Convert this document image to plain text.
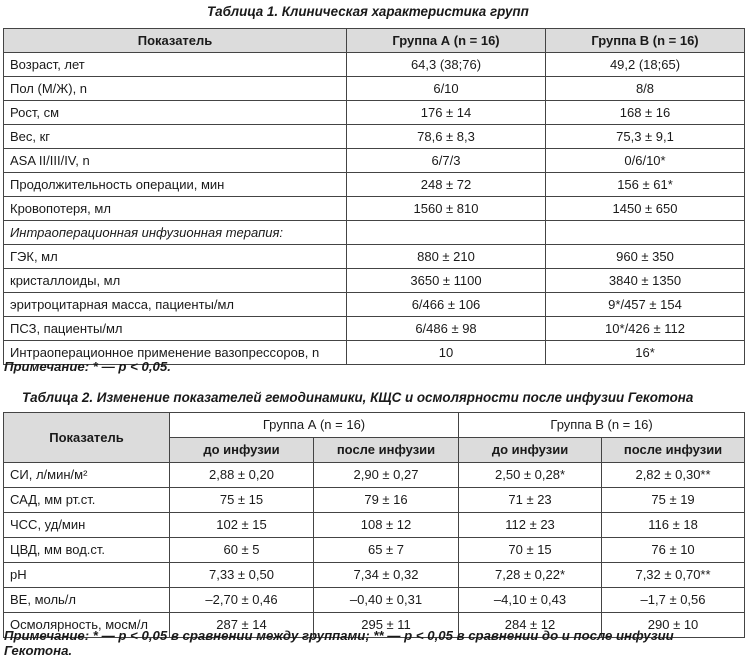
Таблица 1. Клиническая характеристика групп
Показатель	Группа А (n = 16)	Группа В (n = 16)
Возраст, лет	64,3 (38;76)	49,2 (18;65)
Пол (М/Ж), n	6/10	8/8
Рост, см	176 ± 14	168 ± 16
Вес, кг	78,6 ± 8,3	75,3 ± 9,1
ASA II/III/IV, n	6/7/3	0/6/10*
Продолжительность операции, мин	248 ± 72	156 ± 61*
Кровопотеря, мл	1560 ± 810	1450 ± 650
Интраоперационная инфузионная терапия:		
ГЭК, мл	880 ± 210	960 ± 350
кристаллоиды, мл	3650 ± 1100	3840 ± 1350
эритроцитарная масса, пациенты/мл	6/466 ± 106	9*/457 ± 154
ПСЗ, пациенты/мл	6/486 ± 98	10*/426 ± 112
Интраоперационное применение вазопрессоров, n	10	16*
Примечание: * — p < 0,05.
Таблица 2. Изменение показателей гемодинамики, КЩС и осмолярности после инфузии Гекотона
Показатель	Группа А (n = 16)		Группа В (n = 16)	
	до инфузии	после инфузии	до инфузии	после инфузии
СИ, л/мин/м²	2,88 ± 0,20	2,90 ± 0,27	2,50 ± 0,28*	2,82 ± 0,30**
САД, мм рт.ст.	75 ± 15	79 ± 16	71 ± 23	75 ± 19
ЧСС, уд/мин	102 ± 15	108 ± 12	112 ± 23	116 ± 18
ЦВД, мм вод.ст.	60 ± 5	65 ± 7	70 ± 15	76 ± 10
pH	7,33 ± 0,50	7,34 ± 0,32	7,28 ± 0,22*	7,32 ± 0,70**
BE, моль/л	–2,70 ± 0,46	–0,40 ± 0,31	–4,10 ± 0,43	–1,7 ± 0,56
Осмолярность, мосм/л	287 ± 14	295 ± 11	284 ± 12	290 ± 10
Примечание: * — p < 0,05 в сравнении между группами; ** — p < 0,05 в сравнении до и после инфузии Гекотона.
